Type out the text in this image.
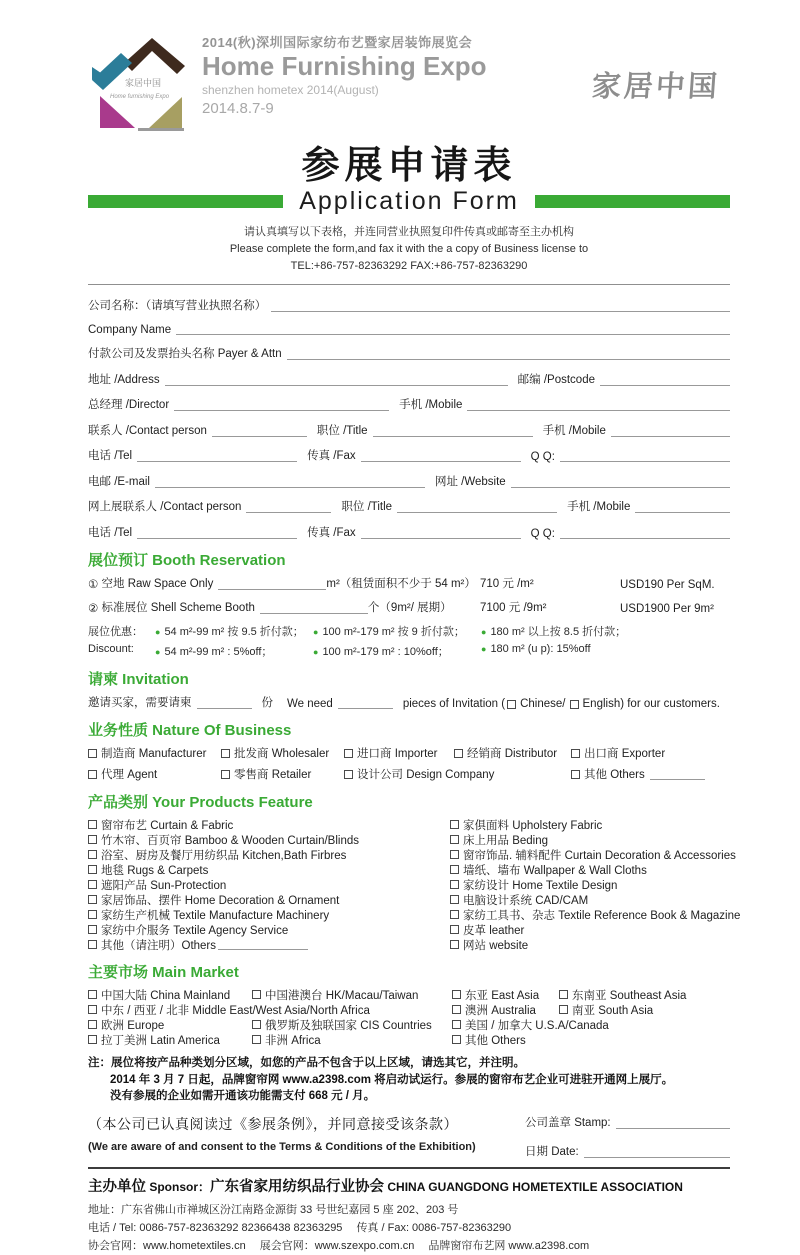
家居中国
Home furnishing Expo
2014(秋)深圳国际家纺布艺暨家居装饰展览会
Home Furnishing Expo
shenzhen hometex 2014(August)
2014.8.7-9
家居中国
参展申请表
Application Form
请认真填写以下表格，并连同营业执照复印件传真或邮寄至主办机构
Please complete the form,and fax it with the a copy of Business license to
TEL:+86-757-82363292 FAX:+86-757-82363290
公司名称：（请填写营业执照名称）
Company Name
付款公司及发票抬头名称 Payer & Attn
地址 /Address	邮编 /Postcode
总经理 /Director	手机 /Mobile
联系人 /Contact person	职位 /Title	手机 /Mobile
电话 /Tel	传真 /Fax	Q Q:
电邮 /E-mail	网址 /Website
网上展联系人 /Contact person	职位 /Title	手机 /Mobile
电话 /Tel	传真 /Fax	Q Q:
展位预订 Booth Reservation
①
空地 Raw Space Only	m²（租赁面积不少于 54 m²） 710 元 /m²	USD190 Per SqM.
②
标准展位 Shell Scheme Booth	个（9m²/ 展期） 7100 元 /9m²	USD1900 Per 9m²
展位优惠：	● 54 m²-99 m² 按 9.5 折付款；	● 100 m²-179 m² 按 9 折付款；	● 180 m² 以上按 8.5 折付款；
Discount:	● 54 m²-99 m² : 5%off；	● 100 m²-179 m² : 10%off；	● 180 m² (u p): 15%off
请柬 Invitation
邀请买家，需要请柬	份 We need	pieces of Invitation ( Chinese/ English) for our customers.
业务性质 Nature Of Business
制造商 Manufacturer 批发商 Wholesaler 进口商 Importer	经销商 Distributor 出口商 Exporter
代理 Agent	零售商 Retailer	设计公司 Design Company	其他 Others
产品类别 Your Products Feature
窗帘布艺 Curtain & Fabric
竹木帘、百页帘 Bamboo & Wooden Curtain/Blinds
浴室、厨房及餐厅用纺织品 Kitchen,Bath Firbres
地毯 Rugs & Carpets
遮阳产品 Sun-Protection
家居饰品、摆件 Home Decoration & Ornament
家纺生产机械 Textile Manufacture Machinery
家纺中介服务 Textile Agency Service
其他（请注明）Others
家俱面料 Upholstery Fabric
床上用品 Beding
窗帘饰品. 辅料配件 Curtain Decoration & Accessories
墙纸、墙布 Wallpaper & Wall Cloths
家纺设计 Home Textile Design
电脑设计系统 CAD/CAM
家纺工具书、杂志 Textile Reference Book & Magazine
皮革 leather
网站 website
主要市场 Main Market
中国大陆 China Mainland	中国港澳台 HK/Macau/Taiwan	东亚 East Asia	东南亚 Southeast Asia
中东 / 西亚 / 北非 Middle East/West Asia/North Africa	澳洲 Australia	南亚 South Asia
欧洲 Europe	俄罗斯及独联国家 CIS Countries	美国 / 加拿大 U.S.A/Canada
拉丁美洲 Latin America	非洲 Africa	其他 Others
注：展位将按产品种类划分区域，如您的产品不包含于以上区域，请选其它，并注明。
2014 年 3 月 7 日起，品牌窗帘网 www.a2398.com 将启动试运行。参展的窗帘布艺企业可进驻开通网上展厅。
没有参展的企业如需开通该功能需支付 668 元 / 月。
（本公司已认真阅读过《参展条例》，并同意接受该条款）
(We are aware of and consent to the Terms & Conditions of the Exhibition)
公司盖章 Stamp:
日期 Date:
主办单位 Sponsor：广东省家用纺织品行业协会 CHINA GUANGDONG HOMETEXTILE ASSOCIATION
地址：广东省佛山市禅城区汾江南路金源街 33 号世纪嘉园 5 座 202、203 号
电话 / Tel: 0086-757-82363292 82366438 82363295 传真 / Fax: 0086-757-82363290
协会官网：www.hometextiles.cn 展会官网：www.szexpo.com.cn 品牌窗帘布艺网 www.a2398.com
